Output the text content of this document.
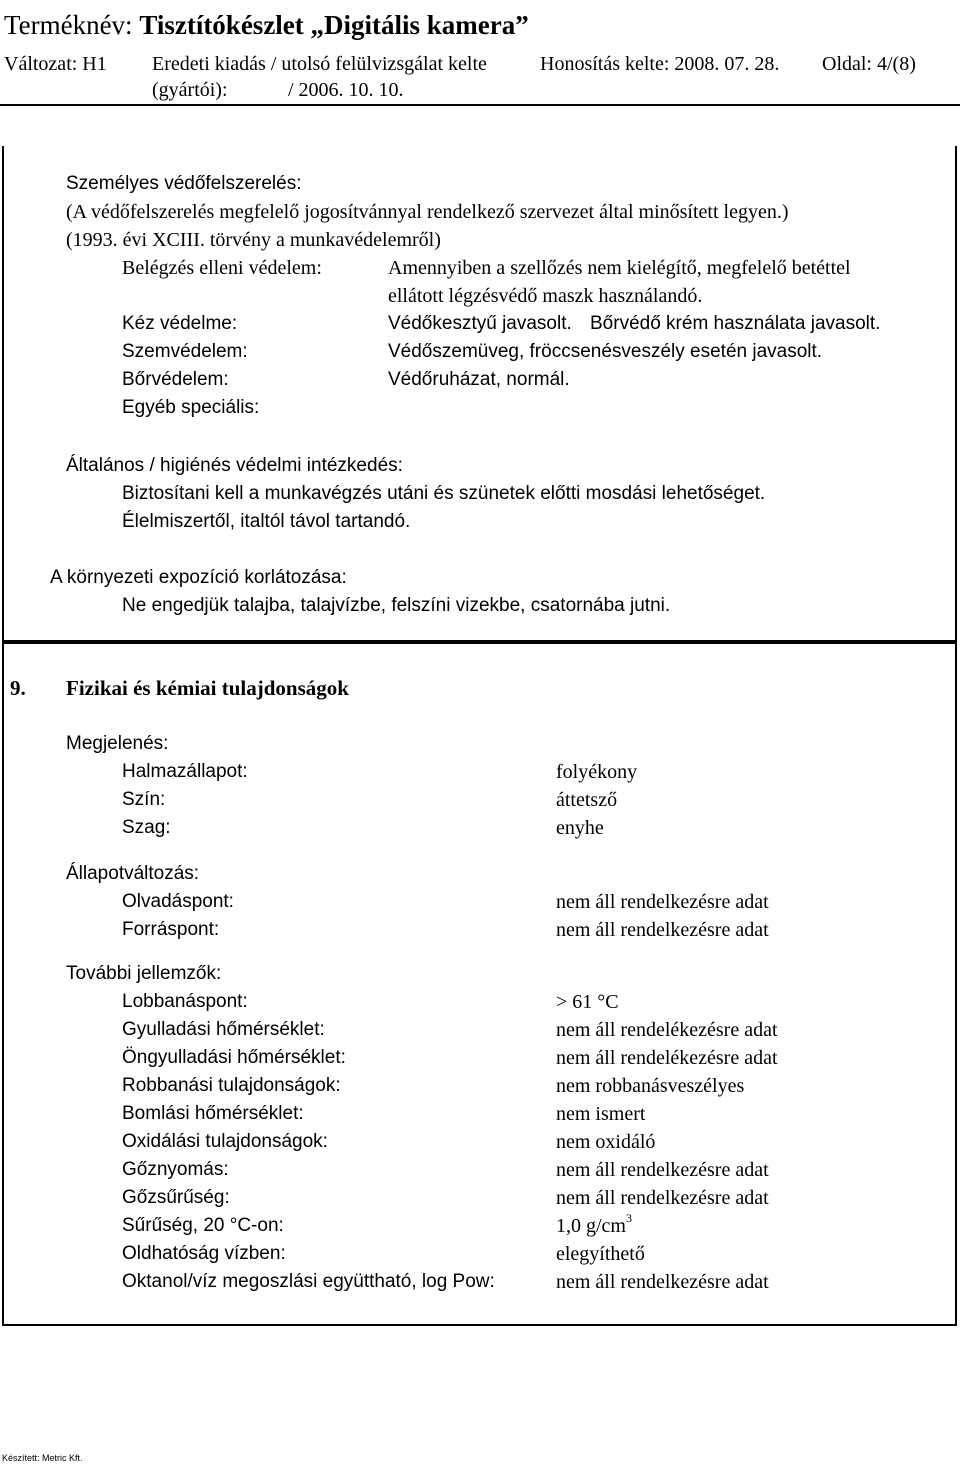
Terméknév: Tisztítókészlet „Digitális kamera”
Változat: H1 Eredeti kiadás / utolsó felülvizsgálat kelte
(gyártói):	/ 2006. 10. 10.
Honosítás kelte: 2008. 07. 28. Oldal: 4/(8)
Személyes védőfelszerelés:
(A védőfelszerelés megfelelő jogosítvánnyal rendelkező szervezet által minősített legyen.)
(1993. évi XCIII. törvény a munkavédelemről)
Belégzés elleni védelem:	Amennyiben a szellőzés nem kielégítő, megfelelő betéttel
ellátott légzésvédő maszk használandó.
Kéz védelme:	Védőkesztyű javasolt. Bőrvédő krém használata javasolt.
Szemvédelem:	Védőszemüveg, fröccsenésveszély esetén javasolt.
Bőrvédelem:	Védőruházat, normál.
Egyéb speciális:
Általános / higiénés védelmi intézkedés:
Biztosítani kell a munkavégzés utáni és szünetek előtti mosdási lehetőséget.
Élelmiszertől, italtól távol tartandó.
A környezeti expozíció korlátozása:
Ne engedjük talajba, talajvízbe, felszíni vizekbe, csatornába jutni.
9. Fizikai és kémiai tulajdonságok
Megjelenés:
Halmazállapot:	folyékony
Szín:	áttetsző
Szag:	enyhe
Állapotváltozás:
Olvadáspont:	nem áll rendelkezésre adat
Forráspont:	nem áll rendelkezésre adat
További jellemzők:
Lobbanáspont:	> 61 °C
Gyulladási hőmérséklet:	nem áll rendelékezésre adat
Öngyulladási hőmérséklet:	nem áll rendelékezésre adat
Robbanási tulajdonságok:	nem robbanásveszélyes
Bomlási hőmérséklet:	nem ismert
Oxidálási tulajdonságok:	nem oxidáló
Gőznyomás:	nem áll rendelkezésre adat
Gőzsűrűség:	nem áll rendelkezésre adat
Sűrűség, 20 °C-on:	1,0 $g/cm^3$
Oldhatóság vízben:	elegyíthető
Oktanol/víz megoszlási együttható, log Pow:	nem áll rendelkezésre adat
Készített: Metric Kft.
